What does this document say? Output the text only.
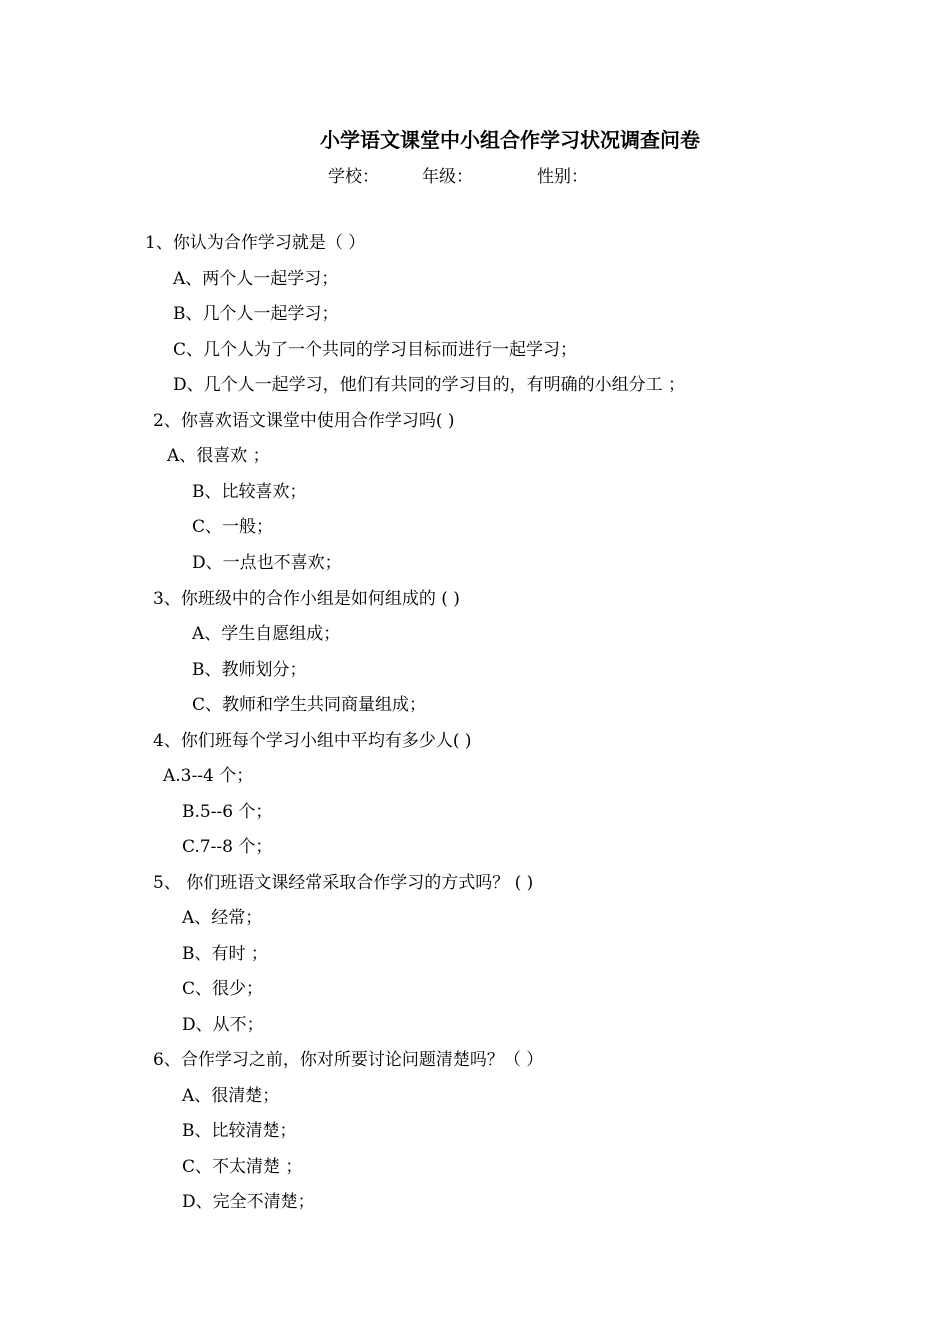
小学语文课堂中小组合作学习状况调查问卷
学校：	年级：	性别：
1、你认为合作学习就是（ ）
A、两个人一起学习；
B、几个人一起学习；
C、几个人为了一个共同的学习目标而进行一起学习；
D、几个人一起学习，他们有共同的学习目的，有明确的小组分工 ；
2、你喜欢语文课堂中使用合作学习吗( )
A、很喜欢 ；
B、比较喜欢；
C、一般；
D、一点也不喜欢；
3、你班级中的合作小组是如何组成的 ( )
A、学生自愿组成；
B、教师划分；
C、教师和学生共同商量组成；
4、你们班每个学习小组中平均有多少人( )
A.3--4 个；
B.5--6 个；
C.7--8 个；
5、 你们班语文课经常采取合作学习的方式吗？ ( )
A、经常；
B、有时 ；
C、很少；
D、从不；
6、合作学习之前，你对所要讨论问题清楚吗？（ ）
A、很清楚；
B、比较清楚；
C、不太清楚 ；
D、完全不清楚；
